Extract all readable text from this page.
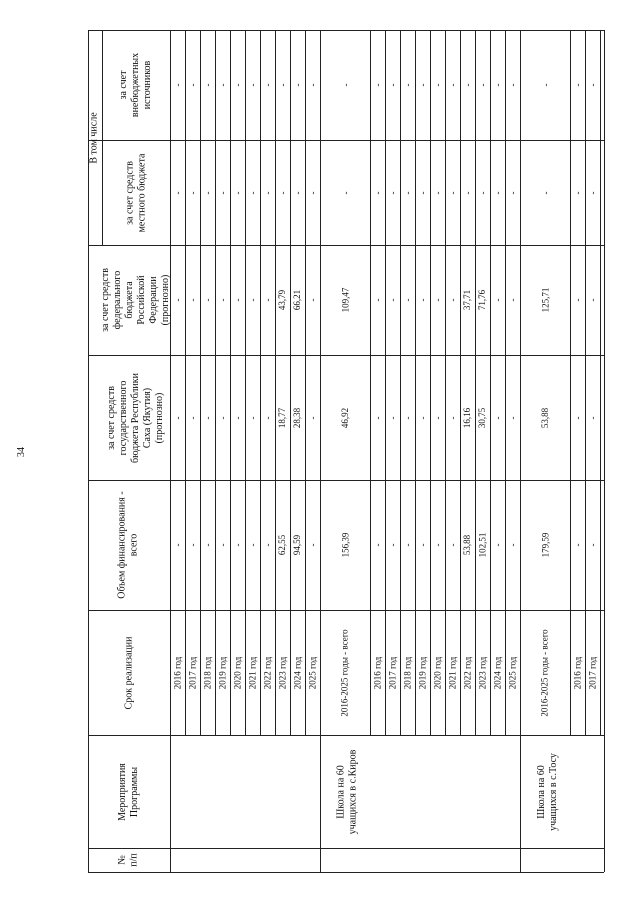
34
№
п/п
Мероприятия
Программы
Срок реализации
Объем финансирования -
всего
В том числе
за счет средств
государственного
бюджета Республики
Саха (Якутия)
(прогнозно)
за счет средств
федерального
бюджета
Российской
Федерации
(прогнозно)
за счет средств
местного бюджета
за счет
внебюджетных
источников
2016 год
-
-
-
-
-
2017 год
-
-
-
-
-
2018 год
-
-
-
-
-
2019 год
-
-
-
-
-
2020 год
-
-
-
-
-
2021 год
-
-
-
-
-
2022 год
-
-
-
-
-
2023 год
62,55
18,77
43,79
-
-
2024 год
94,59
28,38
66,21
-
-
2025 год
-
-
-
-
-
2016-2025 годы - всего
156,39
46,92
109,47
-
-
2016 год
-
-
-
-
-
2017 год
-
-
-
-
-
2018 год
-
-
-
-
-
2019 год
-
-
-
-
-
2020 год
-
-
-
-
-
2021 год
-
-
-
-
-
2022 год
53,88
16,16
37,71
-
-
2023 год
102,51
30,75
71,76
-
-
2024 год
-
-
-
-
-
2025 год
-
-
-
-
-
2016-2025 годы - всего
179,59
53,88
125,71
-
-
2016 год
-
-
-
-
-
2017 год
-
-
-
-
-
Школа на 60
учащихся в с.Киров
Школа на 60
учащихся в с.Тосу
